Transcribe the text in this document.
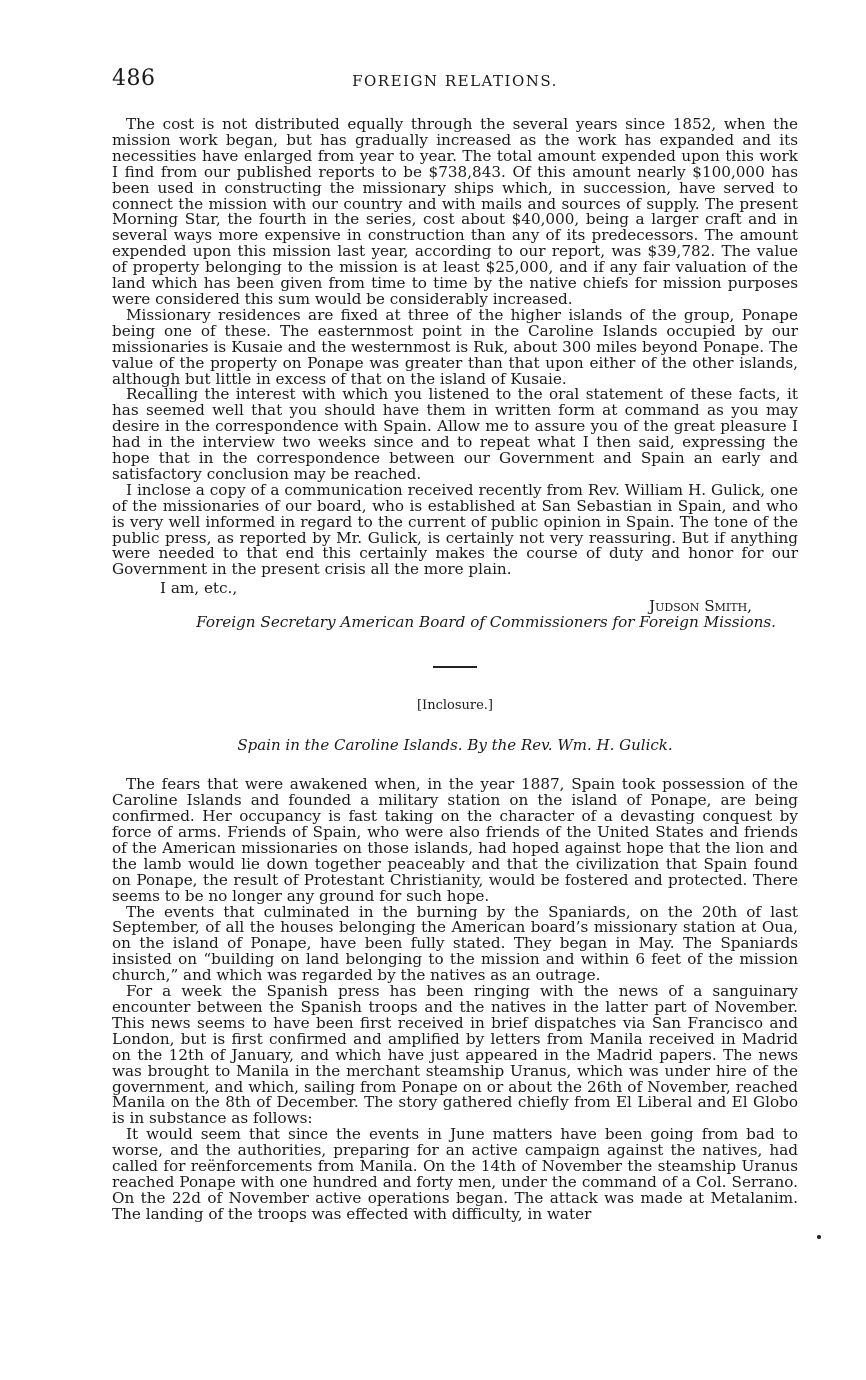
486	FOREIGN RELATIONS.

The cost is not distributed equally through the several years since 1852, when the mission work began, but has gradually increased as the work has expanded and its necessities have enlarged from year to year. The total amount expended upon this work I find from our published reports to be $738,843. Of this amount nearly $100,000 has been used in constructing the missionary ships which, in succession, have served to connect the mission with our country and with mails and sources of supply. The present Morning Star, the fourth in the series, cost about $40,000, being a larger craft and in several ways more expensive in construction than any of its predecessors. The amount expended upon this mission last year, according to our report, was $39,782. The value of property belonging to the mission is at least $25,000, and if any fair valuation of the land which has been given from time to time by the native chiefs for mission purposes were considered this sum would be considerably increased.

Missionary residences are fixed at three of the higher islands of the group, Ponape being one of these. The easternmost point in the Caroline Islands occupied by our missionaries is Kusaie and the westernmost is Ruk, about 300 miles beyond Ponape. The value of the property on Ponape was greater than that upon either of the other islands, although but little in excess of that on the island of Kusaie.

Recalling the interest with which you listened to the oral statement of these facts, it has seemed well that you should have them in written form at command as you may desire in the correspondence with Spain. Allow me to assure you of the great pleasure I had in the interview two weeks since and to repeat what I then said, expressing the hope that in the correspondence between our Government and Spain an early and satisfactory conclusion may be reached.

I inclose a copy of a communication received recently from Rev. William H. Gulick, one of the missionaries of our board, who is established at San Sebastian in Spain, and who is very well informed in regard to the current of public opinion in Spain. The tone of the public press, as reported by Mr. Gulick, is certainly not very reassuring. But if anything were needed to that end this certainly makes the course of duty and honor for our Government in the present crisis all the more plain.

I am, etc.,
Judson Smith,
Foreign Secretary American Board of Commissioners for Foreign Missions.
[Inclosure.]
Spain in the Caroline Islands. By the Rev. Wm. H. Gulick.

The fears that were awakened when, in the year 1887, Spain took possession of the Caroline Islands and founded a military station on the island of Ponape, are being confirmed. Her occupancy is fast taking on the character of a devasting conquest by force of arms. Friends of Spain, who were also friends of the United States and friends of the American missionaries on those islands, had hoped against hope that the lion and the lamb would lie down together peaceably and that the civilization that Spain found on Ponape, the result of Protestant Christianity, would be fostered and protected. There seems to be no longer any ground for such hope.

The events that culminated in the burning by the Spaniards, on the 20th of last September, of all the houses belonging the American board’s missionary station at Oua, on the island of Ponape, have been fully stated. They began in May. The Spaniards insisted on “building on land belonging to the mission and within 6 feet of the mission church,” and which was regarded by the natives as an outrage.

For a week the Spanish press has been ringing with the news of a sanguinary encounter between the Spanish troops and the natives in the latter part of November. This news seems to have been first received in brief dispatches via San Francisco and London, but is first confirmed and amplified by letters from Manila received in Madrid on the 12th of January, and which have just appeared in the Madrid papers. The news was brought to Manila in the merchant steamship Uranus, which was under hire of the government, and which, sailing from Ponape on or about the 26th of November, reached Manila on the 8th of December. The story gathered chiefly from El Liberal and El Globo is in substance as follows:

It would seem that since the events in June matters have been going from bad to worse, and the authorities, preparing for an active campaign against the natives, had called for reënforcements from Manila. On the 14th of November the steamship Uranus reached Ponape with one hundred and forty men, under the command of a Col. Serrano. On the 22d of November active operations began. The attack was made at Metalanim. The landing of the troops was effected with difficulty, in water
